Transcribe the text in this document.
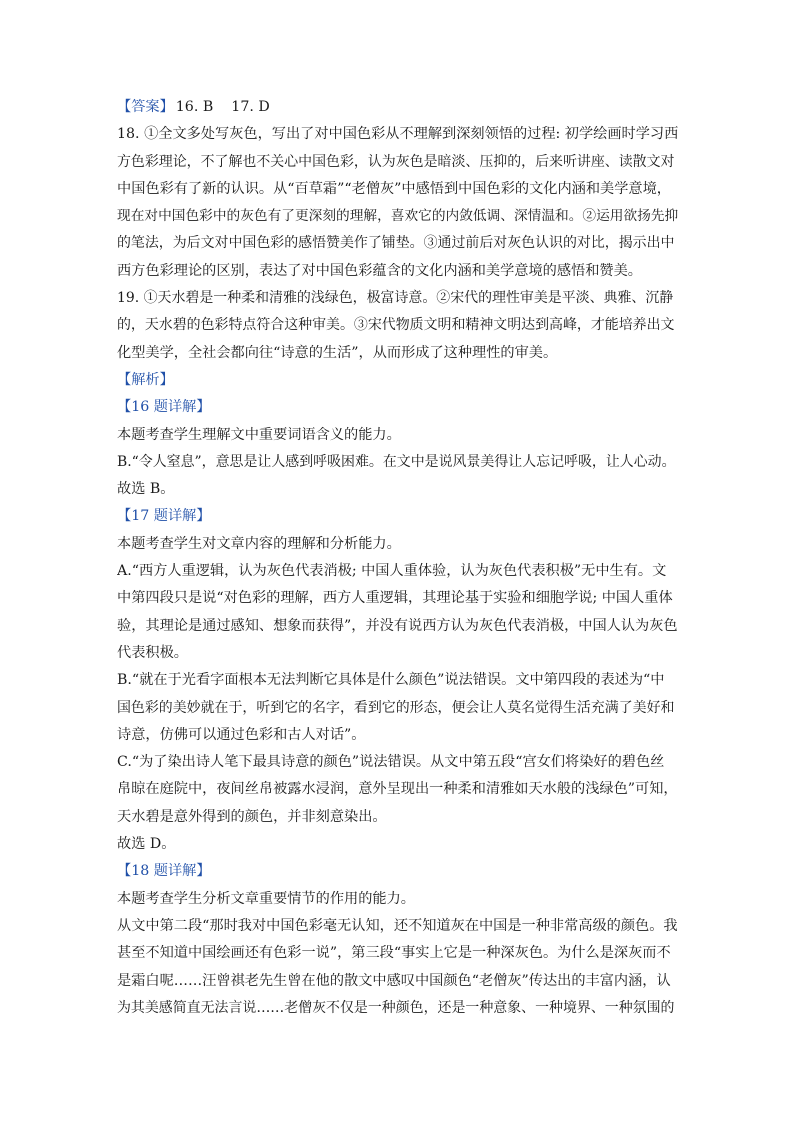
【答案】 16. B    17. D
18. ①全文多处写灰色，写出了对中国色彩从不理解到深刻领悟的过程: 初学绘画时学习西
方色彩理论，不了解也不关心中国色彩，认为灰色是暗淡、压抑的，后来听讲座、读散文对
中国色彩有了新的认识。从“百草霜”“老僧灰”中感悟到中国色彩的文化内涵和美学意境，
现在对中国色彩中的灰色有了更深刻的理解，喜欢它的内敛低调、深情温和。②运用欲扬先抑
的笔法，为后文对中国色彩的感悟赞美作了铺垫。③通过前后对灰色认识的对比，揭示出中
西方色彩理论的区别，表达了对中国色彩蕴含的文化内涵和美学意境的感悟和赞美。
19. ①天水碧是一种柔和清雅的浅绿色，极富诗意。②宋代的理性审美是平淡、典雅、沉静
的，天水碧的色彩特点符合这种审美。③宋代物质文明和精神文明达到高峰，才能培养出文
化型美学，全社会都向往“诗意的生活”，从而形成了这种理性的审美。
【解析】
【16 题详解】
本题考查学生理解文中重要词语含义的能力。
B.“令人窒息”，意思是让人感到呼吸困难。在文中是说风景美得让人忘记呼吸，让人心动。
故选 B。
【17 题详解】
本题考查学生对文章内容的理解和分析能力。
A.“西方人重逻辑，认为灰色代表消极; 中国人重体验，认为灰色代表积极”无中生有。文
中第四段只是说“对色彩的理解，西方人重逻辑，其理论基于实验和细胞学说; 中国人重体
验，其理论是通过感知、想象而获得”，并没有说西方认为灰色代表消极，中国人认为灰色
代表积极。
B.“就在于光看字面根本无法判断它具体是什么颜色”说法错误。文中第四段的表述为“中
国色彩的美妙就在于，听到它的名字，看到它的形态，便会让人莫名觉得生活充满了美好和
诗意，仿佛可以通过色彩和古人对话”。
C.“为了染出诗人笔下最具诗意的颜色”说法错误。从文中第五段“宫女们将染好的碧色丝
帛晾在庭院中，夜间丝帛被露水浸润，意外呈现出一种柔和清雅如天水般的浅绿色”可知，
天水碧是意外得到的颜色，并非刻意染出。
故选 D。
【18 题详解】
本题考查学生分析文章重要情节的作用的能力。
从文中第二段“那时我对中国色彩毫无认知，还不知道灰在中国是一种非常高级的颜色。我
甚至不知道中国绘画还有色彩一说”，第三段“事实上它是一种深灰色。为什么是深灰而不
是霜白呢……汪曾祺老先生曾在他的散文中感叹中国颜色“老僧灰”传达出的丰富内涵，认
为其美感简直无法言说……老僧灰不仅是一种颜色，还是一种意象、一种境界、一种氛围的
